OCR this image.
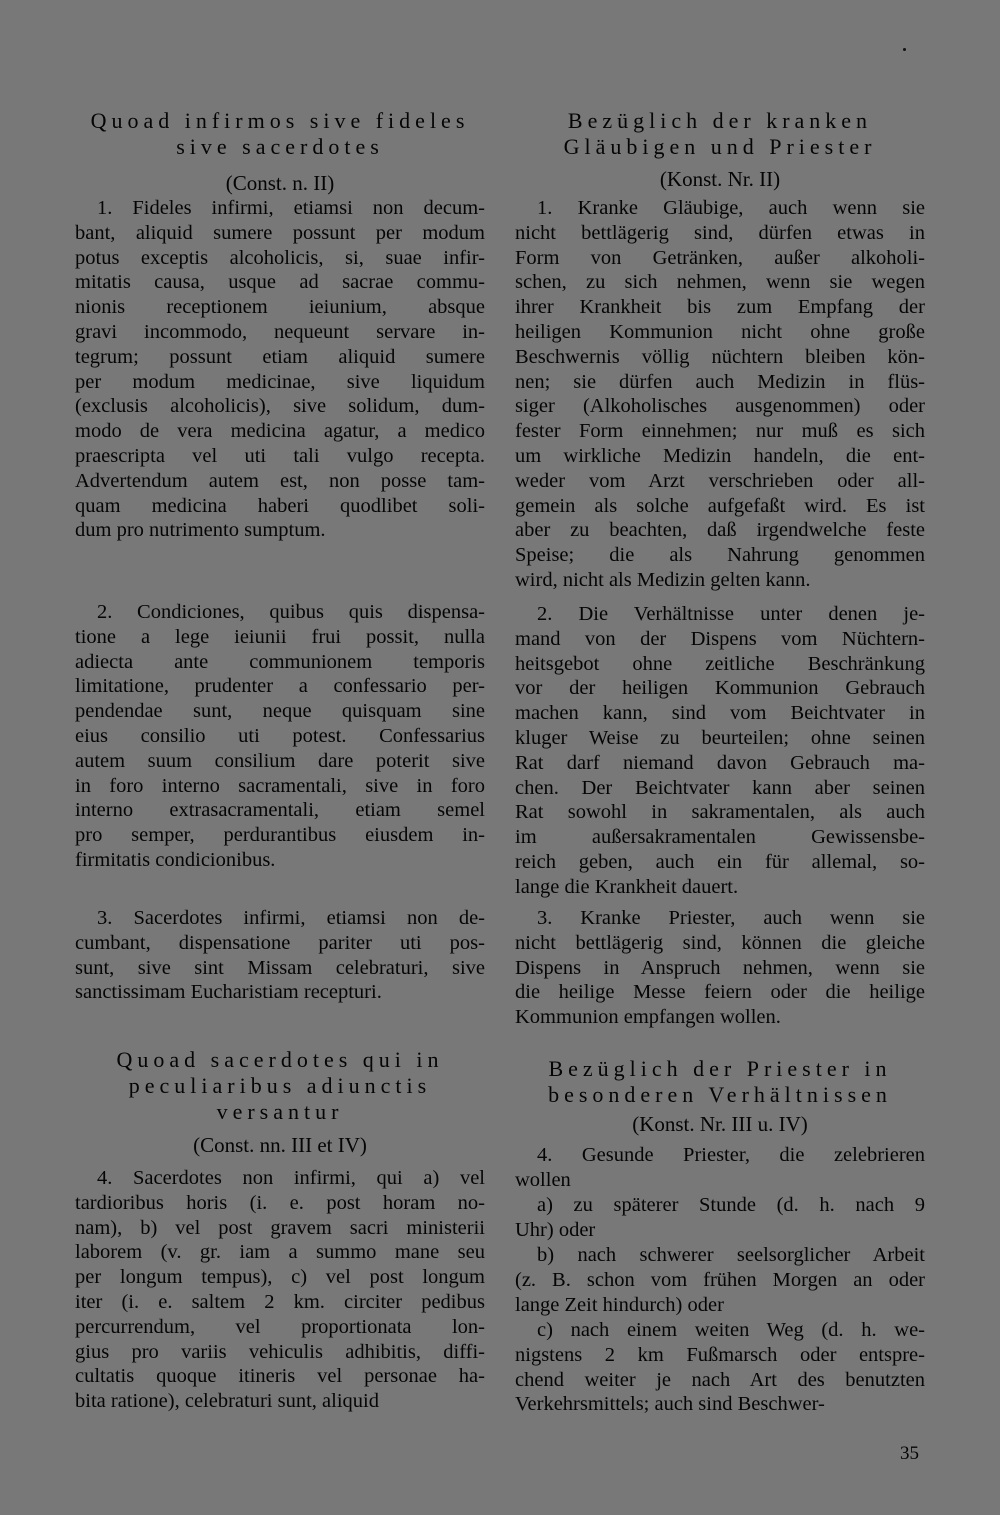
Quoad infirmos sive fideles
sive sacerdotes
(Const. n. II)
1. Fideles infirmi, etiamsi non decum-
bant, aliquid sumere possunt per modum
potus exceptis alcoholicis, si, suae infir-
mitatis causa, usque ad sacrae commu-
nionis receptionem ieiunium, absque
gravi incommodo, nequeunt servare in-
tegrum; possunt etiam aliquid sumere
per modum medicinae, sive liquidum
(exclusis alcoholicis), sive solidum, dum-
modo de vera medicina agatur, a medico
praescripta vel uti tali vulgo recepta.
Advertendum autem est, non posse tam-
quam medicina haberi quodlibet soli-
dum pro nutrimento sumptum.
2. Condiciones, quibus quis dispensa-
tione a lege ieiunii frui possit, nulla
adiecta ante communionem temporis
limitatione, prudenter a confessario per-
pendendae sunt, neque quisquam sine
eius consilio uti potest. Confessarius
autem suum consilium dare poterit sive
in foro interno sacramentali, sive in foro
interno extrasacramentali, etiam semel
pro semper, perdurantibus eiusdem in-
firmitatis condicionibus.
3. Sacerdotes infirmi, etiamsi non de-
cumbant, dispensatione pariter uti pos-
sunt, sive sint Missam celebraturi, sive
sanctissimam Eucharistiam recepturi.
Quoad sacerdotes qui in
peculiaribus adiunctis
versantur
(Const. nn. III et IV)
4. Sacerdotes non infirmi, qui a) vel
tardioribus horis (i. e. post horam no-
nam), b) vel post gravem sacri ministerii
laborem (v. gr. iam a summo mane seu
per longum tempus), c) vel post longum
iter (i. e. saltem 2 km. circiter pedibus
percurrendum, vel proportionata lon-
gius pro variis vehiculis adhibitis, diffi-
cultatis quoque itineris vel personae ha-
bita ratione), celebraturi sunt, aliquid
Bezüglich der kranken
Gläubigen und Priester
(Konst. Nr. II)
1. Kranke Gläubige, auch wenn sie
nicht bettlägerig sind, dürfen etwas in
Form von Getränken, außer alkoholi-
schen, zu sich nehmen, wenn sie wegen
ihrer Krankheit bis zum Empfang der
heiligen Kommunion nicht ohne große
Beschwernis völlig nüchtern bleiben kön-
nen; sie dürfen auch Medizin in flüs-
siger (Alkoholisches ausgenommen) oder
fester Form einnehmen; nur muß es sich
um wirkliche Medizin handeln, die ent-
weder vom Arzt verschrieben oder all-
gemein als solche aufgefaßt wird. Es ist
aber zu beachten, daß irgendwelche feste
Speise; die als Nahrung genommen
wird, nicht als Medizin gelten kann.
2. Die Verhältnisse unter denen je-
mand von der Dispens vom Nüchtern-
heitsgebot ohne zeitliche Beschränkung
vor der heiligen Kommunion Gebrauch
machen kann, sind vom Beichtvater in
kluger Weise zu beurteilen; ohne seinen
Rat darf niemand davon Gebrauch ma-
chen. Der Beichtvater kann aber seinen
Rat sowohl in sakramentalen, als auch
im außersakramentalen Gewissensbe-
reich geben, auch ein für allemal, so-
lange die Krankheit dauert.
3. Kranke Priester, auch wenn sie
nicht bettlägerig sind, können die gleiche
Dispens in Anspruch nehmen, wenn sie
die heilige Messe feiern oder die heilige
Kommunion empfangen wollen.
Bezüglich der Priester in
besonderen Verhältnissen
(Konst. Nr. III u. IV)
4. Gesunde Priester, die zelebrieren
wollen
a) zu späterer Stunde (d. h. nach 9
Uhr) oder
b) nach schwerer seelsorglicher Arbeit
(z. B. schon vom frühen Morgen an oder
lange Zeit hindurch) oder
c) nach einem weiten Weg (d. h. we-
nigstens 2 km Fußmarsch oder entspre-
chend weiter je nach Art des benutzten
Verkehrsmittels; auch sind Beschwer-
35
